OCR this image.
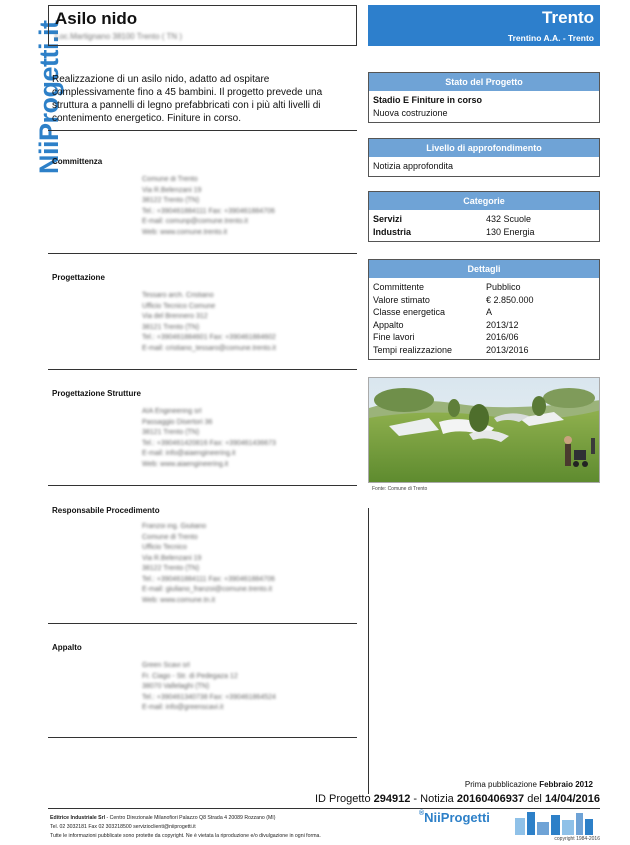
NiiProgetti.it
Asilo nido
Loc.Martignano 38100 Trento ( TN )
Trento
Trentino A.A. - Trento
Realizzazione di un asilo nido, adatto ad ospitare complessivamente fino a 45 bambini. Il progetto prevede una struttura a pannelli di legno prefabbricati con i più alti livelli di contenimento energetico. Finiture in corso.
Committenza
Comune di Trento
Via R.Belenzani 19
38122 Trento (TN)
Tel.: +390461884111 Fax: +390461884706
E-mail: comunp@comune.trento.it
Web: www.comune.trento.it
Progettazione
Tessaro arch. Cristiano
Ufficio Tecnico Comune
Via del Brennero 312
38121 Trento (TN)
Tel.: +390461884601 Fax: +390461884602
E-mail: cristiano_tessaro@comune.trento.it
Progettazione Strutture
AIA Engineering srl
Passaggio Disertori 36
38121 Trento (TN)
Tel.: +390461420816 Fax: +390461436673
E-mail: info@aiaengineering.it
Web: www.aiaengineering.it
Responsabile Procedimento
Franzoi ing. Giuliano
Comune di Trento
Ufficio Tecnico
Via R.Belenzani 19
38122 Trento (TN)
Tel.: +390461884111 Fax: +390461884706
E-mail: giuliano_franzoi@comune.trento.it
Web: www.comune.tn.it
Appalto
Green Scavi srl
Fr. Ciago - Str. di Pedegaza 12
38070 Vallelaghi (TN)
Tel.: +390461340738 Fax: +390461864524
E-mail: info@greenscavi.it
Stato del Progetto
Stadio E Finiture in corso
Nuova costruzione
Livello di approfondimento
Notizia approfondita
Categorie
Servizi	432 Scuole
Industria	130 Energia
Dettagli
Committente	Pubblico
Valore stimato	€ 2.850.000
Classe energetica	A
Appalto	2013/12
Fine lavori	2016/06
Tempi realizzazione	2013/2016
Fonte: Comune di Trento
Prima pubblicazione Febbraio 2012
ID Progetto 294912 - Notizia 20160406937 del 14/04/2016
Editrice Industriale Srl - Centro Direzionale Milanofiori Palazzo Q8 Strada 4 20089 Rozzano (MI)
Tel. 02 3032181 Fax 02 303218500 servizioclienti@niiprogetti.it
Tutte le informazioni pubblicate sono protette da copyright. Ne è vietata la riproduzione e/o divulgazione in ogni forma.
®NiiProgetti
copyright 1984-2016
